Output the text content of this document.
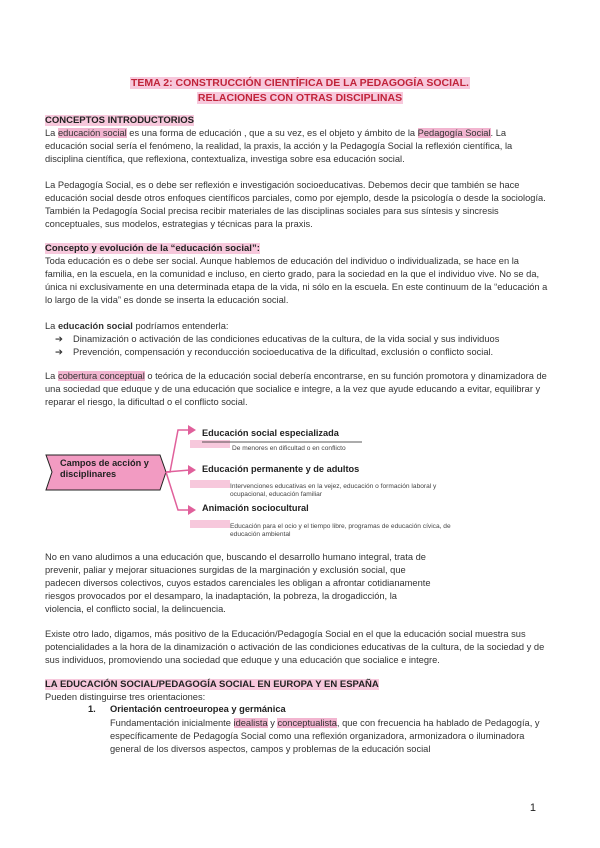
TEMA 2: CONSTRUCCIÓN CIENTÍFICA DE LA PEDAGOGÍA SOCIAL.
RELACIONES CON OTRAS DISCIPLINAS
CONCEPTOS INTRODUCTORIOS

La educación social es una forma de educación , que a su vez, es el objeto y ámbito de la Pedagogía Social. La educación social sería el fenómeno, la realidad, la praxis, la acción y la Pedagogía Social la reflexión científica, la disciplina científica, que reflexiona, contextualiza, investiga sobre esa educación social.

La Pedagogía Social, es o debe ser reflexión e investigación socioeducativas. Debemos decir que también se hace educación social desde otros enfoques científicos parciales, como por ejemplo, desde la psicología o desde la sociología. También la Pedagogía Social precisa recibir materiales de las disciplinas sociales para sus síntesis y sincresis conceptuales, sus modelos, estrategias y técnicas para la praxis.

Concepto y evolución de la “educación social”:

Toda educación es o debe ser social. Aunque hablemos de educación del individuo o individualizada, se hace en la familia, en la escuela, en la comunidad e incluso, en cierto grado, para la sociedad en la que el individuo vive. No se da, única ni exclusivamente en una determinada etapa de la vida, ni sólo en la escuela. En este continuum de la “educación a lo largo de la vida” es donde se inserta la educación social.

La educación social podríamos entenderla:

➔ Dinamización o activación de las condiciones educativas de la cultura, de la vida social y sus individuos
➔ Prevención, compensación y reconducción socioeducativa de la dificultad, exclusión o conflicto social.

La cobertura conceptual o teórica de la educación social debería encontrarse, en su función promotora y dinamizadora de una sociedad que eduque y de una educación que socialice e integre, a la vez que ayude educando a evitar, equilibrar y reparar el riesgo, la dificultad o el conflicto social.

Campos de acción y disciplinares
Educación social especializada
De menores en dificultad o en conflicto
Educación permanente y de adultos
Intervenciones educativas en la vejez, educación o formación laboral y ocupacional, educación familiar
Animación sociocultural
Educación para el ocio y el tiempo libre, programas de educación cívica, de educación ambiental

No en vano aludimos a una educación que, buscando el desarrollo humano integral, trata de prevenir, paliar y mejorar situaciones surgidas de la marginación y exclusión social, que padecen diversos colectivos, cuyos estados carenciales les obligan a afrontar cotidianamente riesgos provocados por el desamparo, la inadaptación, la pobreza, la drogadicción, la violencia, el conflicto social, la delincuencia.

Existe otro lado, digamos, más positivo de la Educación/Pedagogía Social en el que la educación social muestra sus potencialidades a la hora de la dinamización o activación de las condiciones educativas de la cultura, de la sociedad y de sus individuos, promoviendo una sociedad que eduque y una educación que socialice e integre.

LA EDUCACIÓN SOCIAL/PEDAGOGÍA SOCIAL EN EUROPA Y EN ESPAÑA
Pueden distinguirse tres orientaciones:
1. Orientación centroeuropea y germánica

Fundamentación inicialmente idealista y conceptualista, que con frecuencia ha hablado de Pedagogía, y específicamente de Pedagogía Social como una reflexión organizadora, armonizadora o iluminadora general de los diversos aspectos, campos y problemas de la educación social

1
